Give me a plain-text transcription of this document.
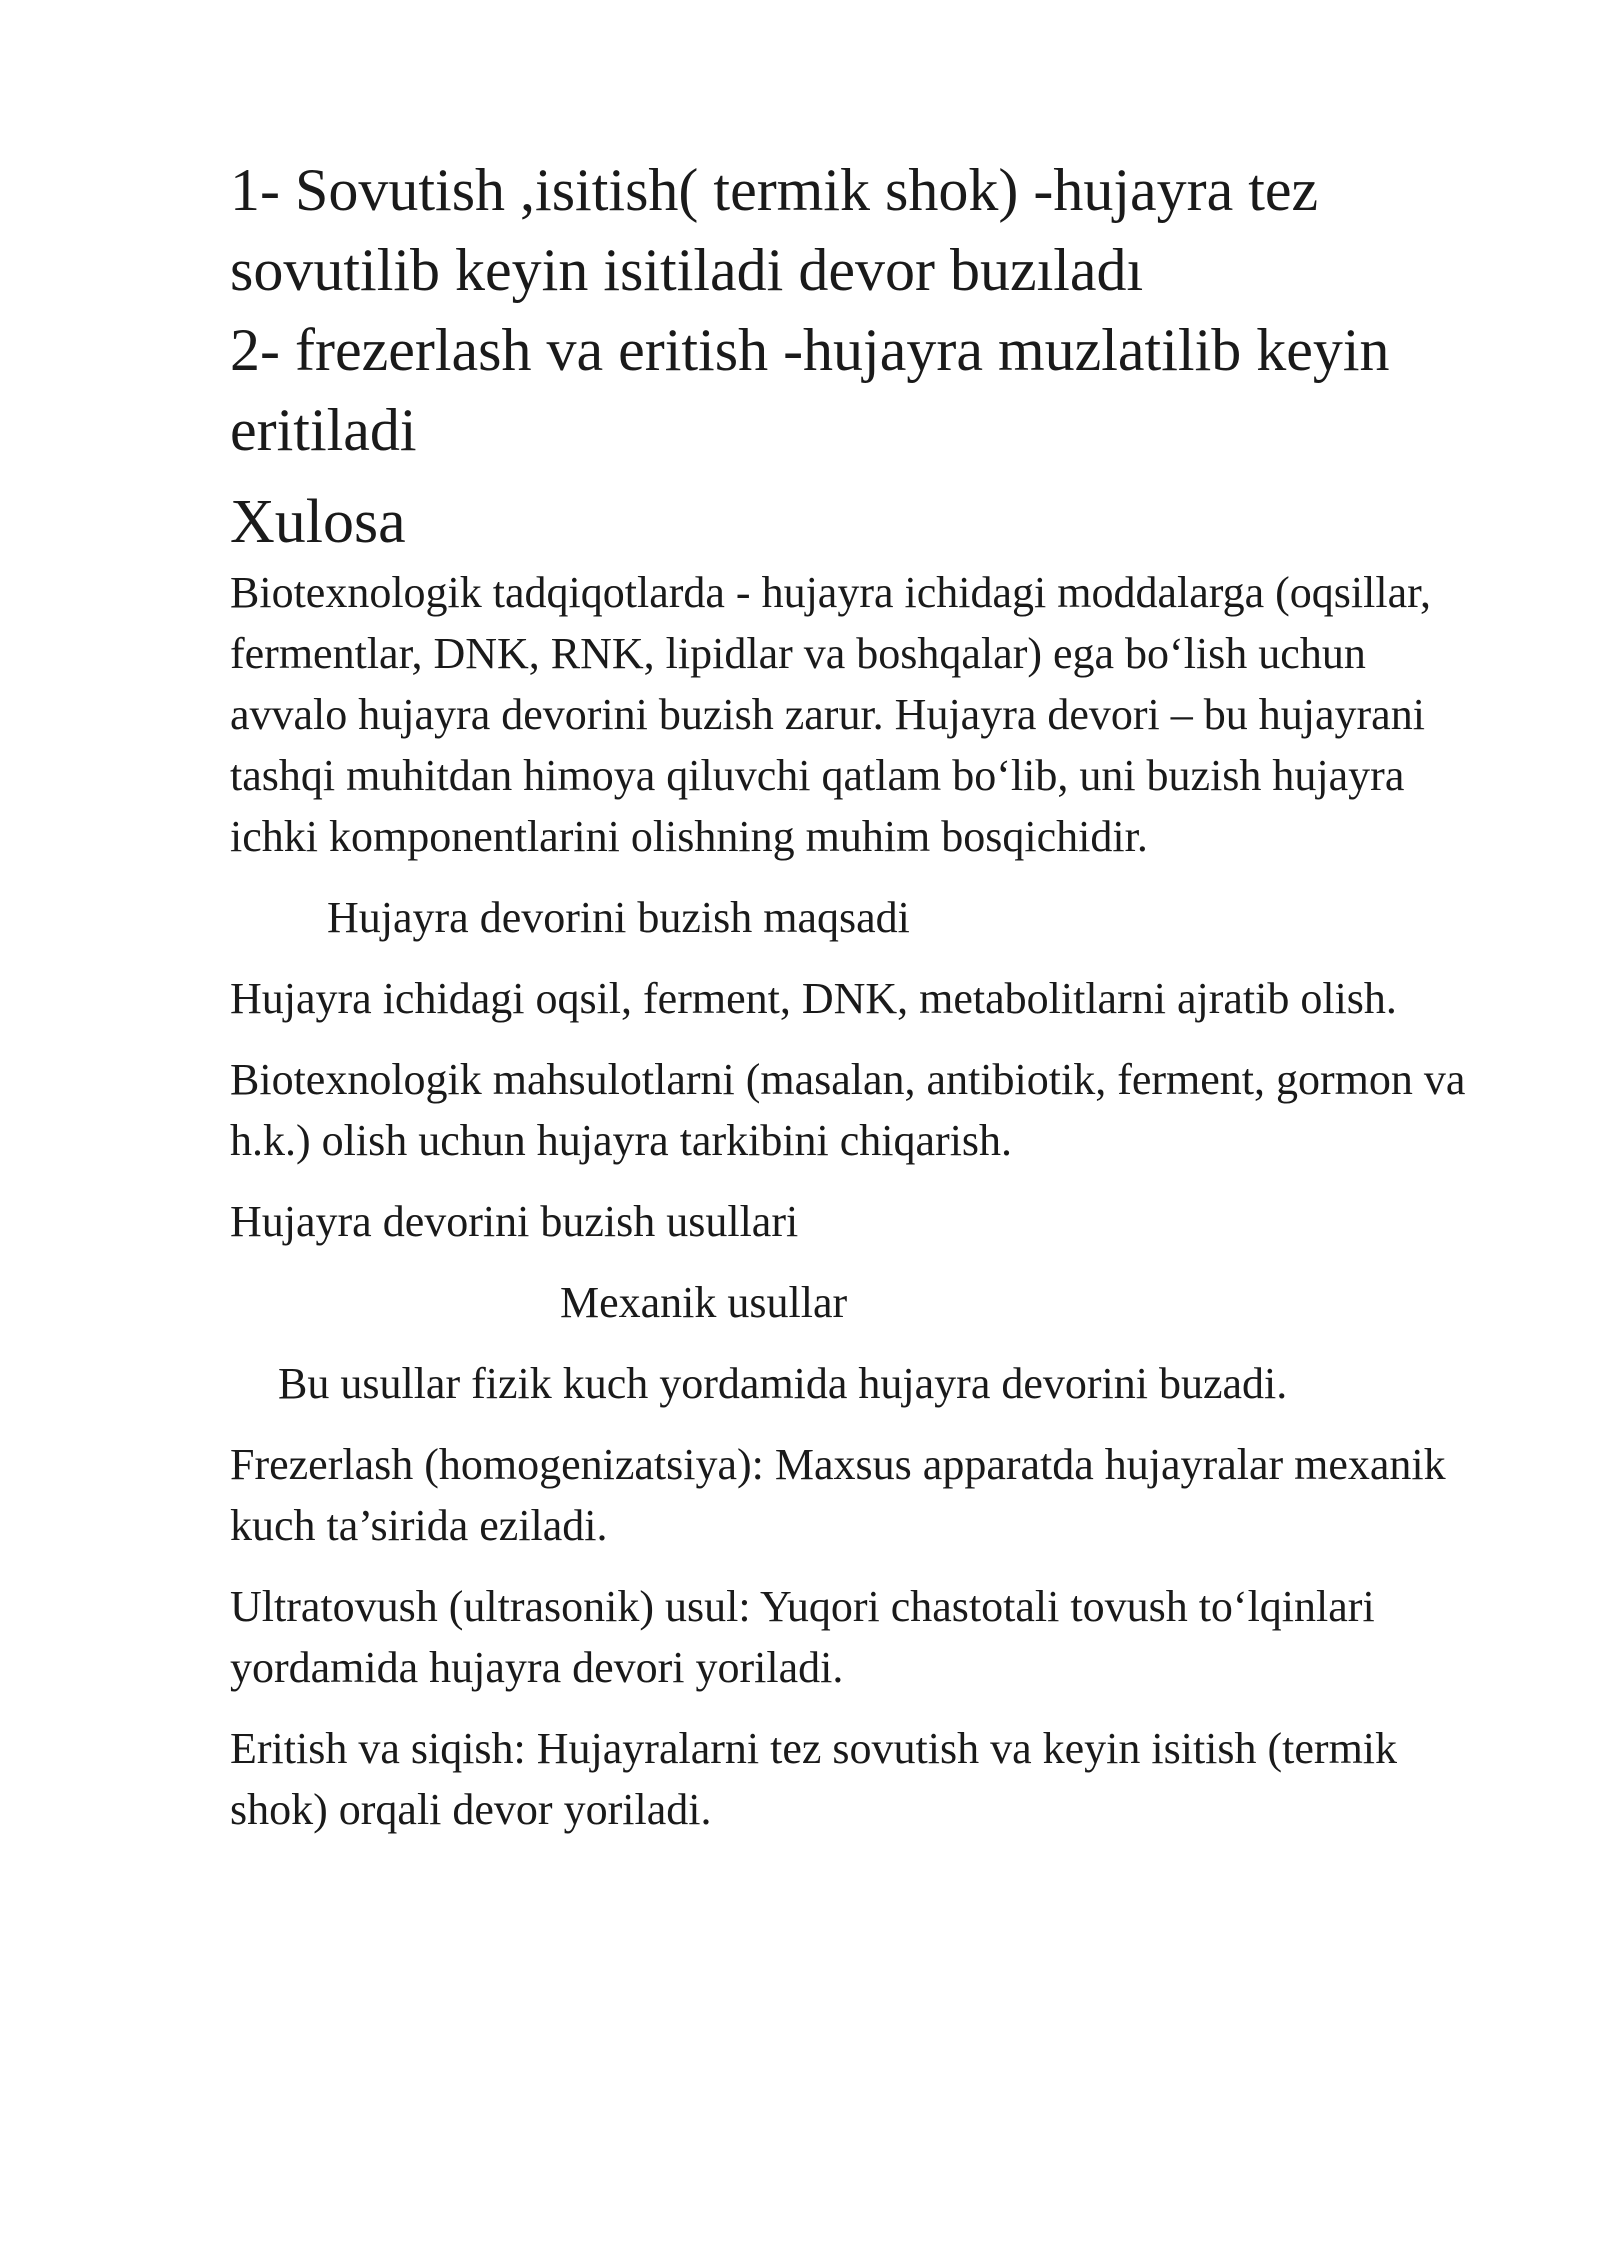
1- Sovutish ,isitish( termik shok) -hujayra tez

sovutilib keyin isitiladi devor buzıladı

2- frezerlash va eritish -hujayra muzlatilib keyin

eritiladi

Xulosa

Biotexnologik tadqiqotlarda - hujayra ichidagi moddalarga (oqsillar, fermentlar, DNK, RNK, lipidlar va boshqalar) ega bo‘lish uchun avvalo hujayra devorini buzish zarur. Hujayra devori – bu hujayrani tashqi muhitdan himoya qiluvchi qatlam bo‘lib, uni buzish hujayra ichki komponentlarini olishning muhim bosqichidir.

Hujayra devorini buzish maqsadi

Hujayra ichidagi oqsil, ferment, DNK, metabolitlarni ajratib olish.

Biotexnologik mahsulotlarni (masalan, antibiotik, ferment, gormon va h.k.) olish uchun hujayra tarkibini chiqarish.

Hujayra devorini buzish usullari

Mexanik usullar

Bu usullar fizik kuch yordamida hujayra devorini buzadi.

Frezerlash (homogenizatsiya): Maxsus apparatda hujayralar mexanik kuch ta’sirida eziladi.

Ultratovush (ultrasonik) usul: Yuqori chastotali tovush to‘lqinlari yordamida hujayra devori yoriladi.

Eritish va siqish: Hujayralarni tez sovutish va keyin isitish (termik shok) orqali devor yoriladi.
